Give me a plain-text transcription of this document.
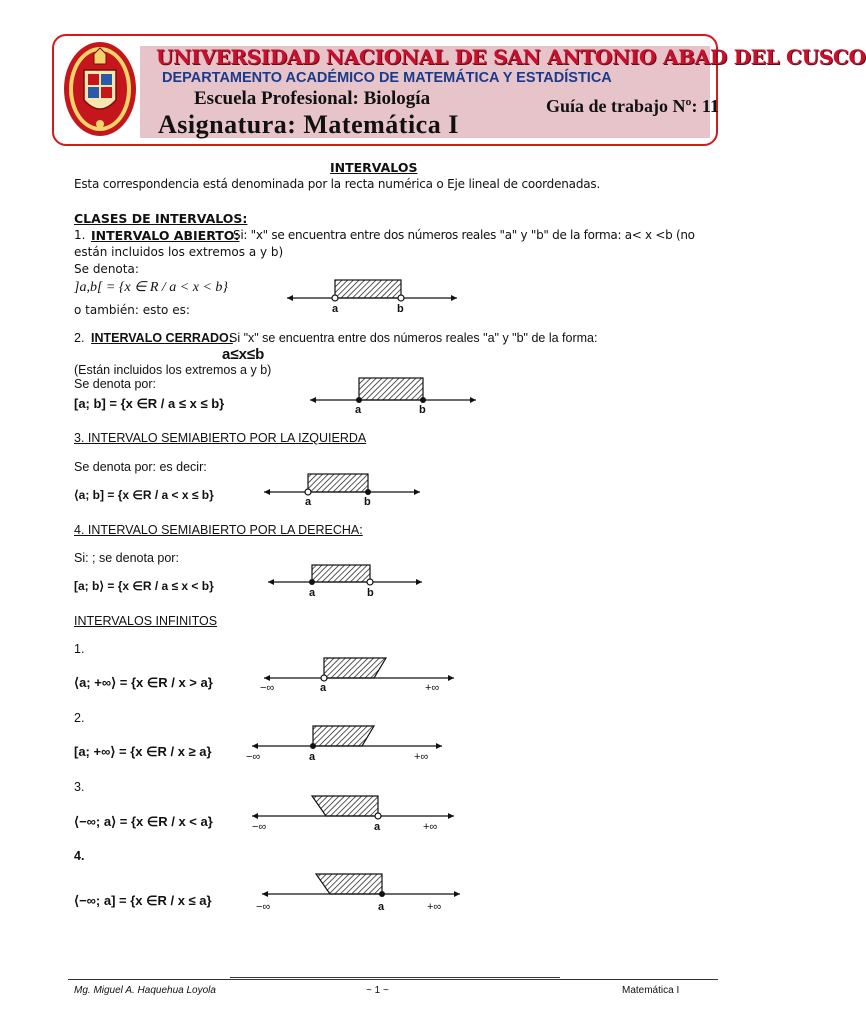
UNIVERSIDAD NACIONAL DE SAN ANTONIO ABAD DEL CUSCO
DEPARTAMENTO ACADÉMICO DE MATEMÁTICA Y ESTADÍSTICA
Escuela Profesional: Biología	Guía de trabajo Nº: 11
Asignatura: Matemática I
INTERVALOS
Esta correspondencia está denominada por la recta numérica o Eje lineal de coordenadas.
CLASES DE INTERVALOS:
1. INTERVALO ABIERTO:
Si: "x" se encuentra entre dos números reales "a" y "b" de la forma: a< x <b (no
están incluidos los extremos a y b)
Se denota:
]a,b[ = {x ∈ R / a < x < b}
o también: esto es:	a	b
2. INTERVALO CERRADO:
Si "x" se encuentra entre dos números reales "a" y "b" de la forma:
a≤x≤b
(Están incluidos los extremos a y b)
Se denota por:
[a; b] = {x ∈R / a ≤ x ≤ b}	a	b
3. INTERVALO SEMIABIERTO POR LA IZQUIERDA
Se denota por: es decir:
⟨a; b] = {x ∈R / a < x ≤ b}	a	b
4. INTERVALO SEMIABIERTO POR LA DERECHA:
Si: ; se denota por:
[a; b⟩ = {x ∈R / a ≤ x < b}	a	b
INTERVALOS INFINITOS
1.
⟨a; +∞⟩ = {x ∈R / x > a}	−∞	a	+∞
2.
[a; +∞⟩ = {x ∈R / x ≥ a}	−∞	a	+∞
3.
⟨−∞; a⟩ = {x ∈R / x < a}	−∞	a	+∞
4.
⟨−∞; a] = {x ∈R / x ≤ a}	−∞	a	+∞
Mg. Miguel A. Haquehua Loyola	~ 1 ~	Matemática I
